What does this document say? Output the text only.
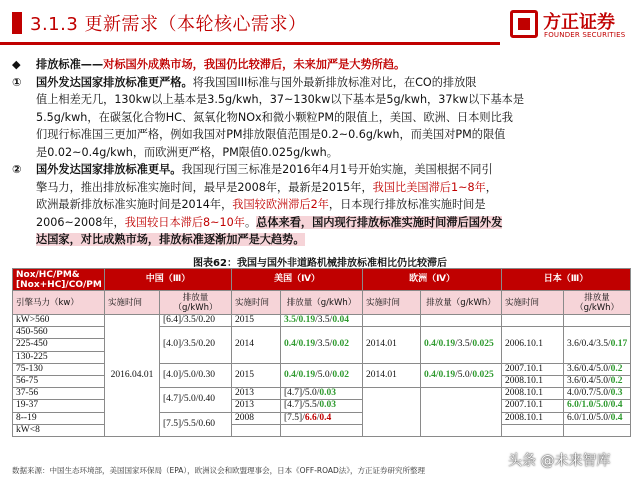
3.1.3 更新需求（本轮核心需求）	方正证券
FOUNDER SECURITIES
◆ 排放标准——对标国外成熟市场，我国仍比较滞后，未来加严是大势所趋。
① 国外发达国家排放标准更严格。将我国国III标准与国外最新排放标准对比，在CO的排放限
值上相差无几，130kw以上基本是3.5g/kwh，37~130kw以下基本是5g/kwh，37kw以下基本是
5.5g/kwh，在碳氢化合物HC、氮氧化物NOx和微小颗粒PM的限值上，美国、欧洲、日本则比我
们现行标准国三更加严格，例如我国对PM排放限值范围是0.2~0.6g/kwh，而美国对PM的限值
是0.02~0.4g/kwh，而欧洲更严格，PM限值0.025g/kwh。
② 国外发达国家排放标准更早。我国现行国三标准是2016年4月1号开始实施，美国根据不同引
擎马力，推出排放标准实施时间，最早是2008年，最新是2015年，我国比美国滞后1~8年，
欧洲最新排放标准实施时间是2014年，我国较欧洲滞后2年，日本现行排放标准实施时间是
2006~2008年，我国较日本滞后8~10年。总体来看，国内现行排放标准实施时间滞后国外发
达国家，对比成熟市场，排放标准逐渐加严是大趋势。
图表62：我国与国外非道路机械排放标准相比仍比较滞后
Nox/HC/PM&[Nox+HC]/CO/PM	中国（Ⅲ）		美国（Ⅳ）		欧洲（Ⅳ）		日本（Ⅲ）	
引擎马力（kw）	实施时间	排放量（g/kWh）	实施时间	排放量（g/kWh）	实施时间	排放量（g/kWh）	实施时间	排放量（g/kWh）
kW>560	2016.04.01	[6.4]/3.5/0.20	2015	3.5/0.19/3.5/0.04				
450-560		[4.0]/3.5/0.20	2014	0.4/0.19/3.5/0.02	2014.01	0.4/0.19/3.5/0.025	2006.10.1	3.6/0.4/3.5/0.17
225-450								
130-225								
75-130		[4.0]/5.0/0.30	2015	0.4/0.19/5.0/0.02	2014.01	0.4/0.19/5.0/0.025	2007.10.1	3.6/0.4/5.0/0.2
56-75							2008.10.1	3.6/0.4/5.0/0.2
37-56		[4.7]/5.0/0.40	2013	[4.7]/5.0/0.03			2008.10.1	4.0/0.7/5.0/0.3
19-37			2013	[4.7]/5.5/0.03			2007.10.1	6.0/1.0/5.0/0.4
8--19		[7.5]/5.5/0.60	2008	[7.5]/6.6/0.4			2008.10.1	6.0/1.0/5.0/0.4
kW<8								
数据来源：中国生态环境部，美国国家环保局（EPA），欧洲议会和欧盟理事会，日本《OFF-ROAD法》，方正证券研究所整理
头条 @未来智库
